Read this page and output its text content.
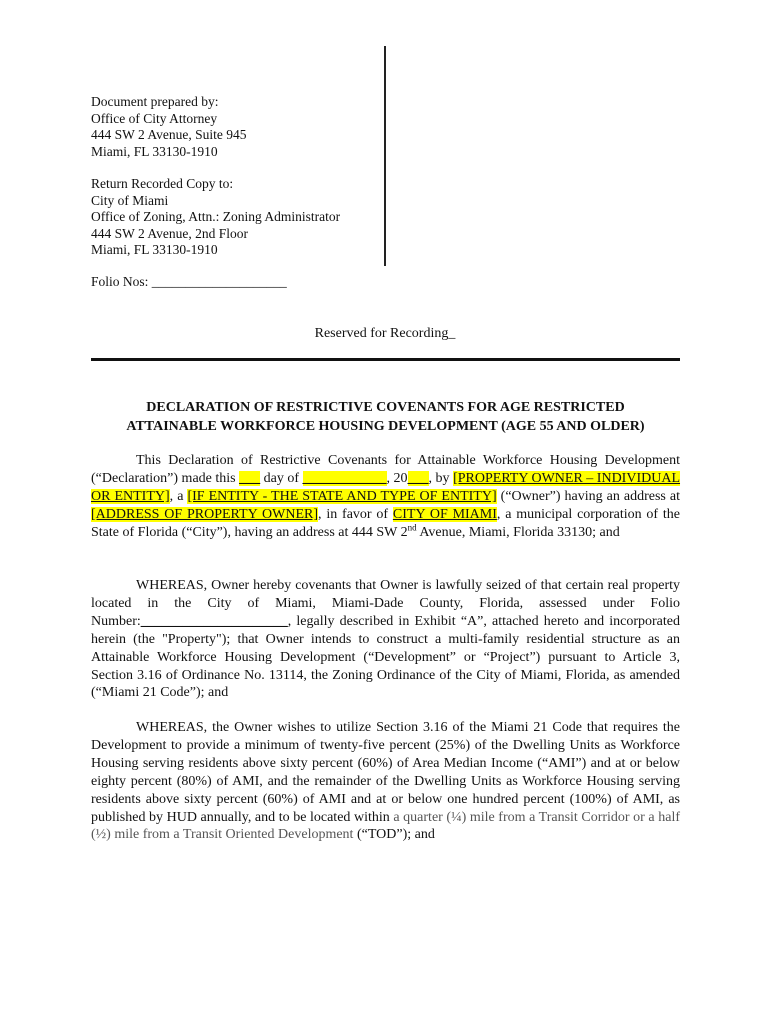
Document prepared by:
Office of City Attorney
444 SW 2 Avenue, Suite 945
Miami, FL 33130-1910
Return Recorded Copy to:
City of Miami
Office of Zoning, Attn.: Zoning Administrator
444 SW 2 Avenue, 2nd Floor
Miami, FL 33130-1910
Folio Nos: ____________________
Reserved for Recording_
DECLARATION OF RESTRICTIVE COVENANTS FOR AGE RESTRICTED
ATTAINABLE WORKFORCE HOUSING DEVELOPMENT (AGE 55 AND OLDER)
This Declaration of Restrictive Covenants for Attainable Workforce Housing Development (“Declaration”) made this ___ day of ____________, 20___, by [PROPERTY OWNER – INDIVIDUAL OR ENTITY], a [IF ENTITY - THE STATE AND TYPE OF ENTITY] (“Owner”) having an address at [ADDRESS OF PROPERTY OWNER], in favor of CITY OF MIAMI, a municipal corporation of the State of Florida (“City”), having an address at 444 SW 2nd Avenue, Miami, Florida 33130; and
WHEREAS, Owner hereby covenants that Owner is lawfully seized of that certain real property located in the City of Miami, Miami-Dade County, Florida, assessed under Folio Number:_____________________, legally described in Exhibit “A”, attached hereto and incorporated herein (the "Property"); that Owner intends to construct a multi-family residential structure as an Attainable Workforce Housing Development (“Development” or “Project”) pursuant to Article 3, Section 3.16 of Ordinance No. 13114, the Zoning Ordinance of the City of Miami, Florida, as amended (“Miami 21 Code”); and
WHEREAS, the Owner wishes to utilize Section 3.16 of the Miami 21 Code that requires the Development to provide a minimum of twenty-five percent (25%) of the Dwelling Units as Workforce Housing serving residents above sixty percent (60%) of Area Median Income (“AMI”) and at or below eighty percent (80%) of AMI, and the remainder of the Dwelling Units as Workforce Housing serving residents above sixty percent (60%) of AMI and at or below one hundred percent (100%) of AMI, as published by HUD annually, and to be located within a quarter (¼) mile from a Transit Corridor or a half (½) mile from a Transit Oriented Development (“TOD”); and
